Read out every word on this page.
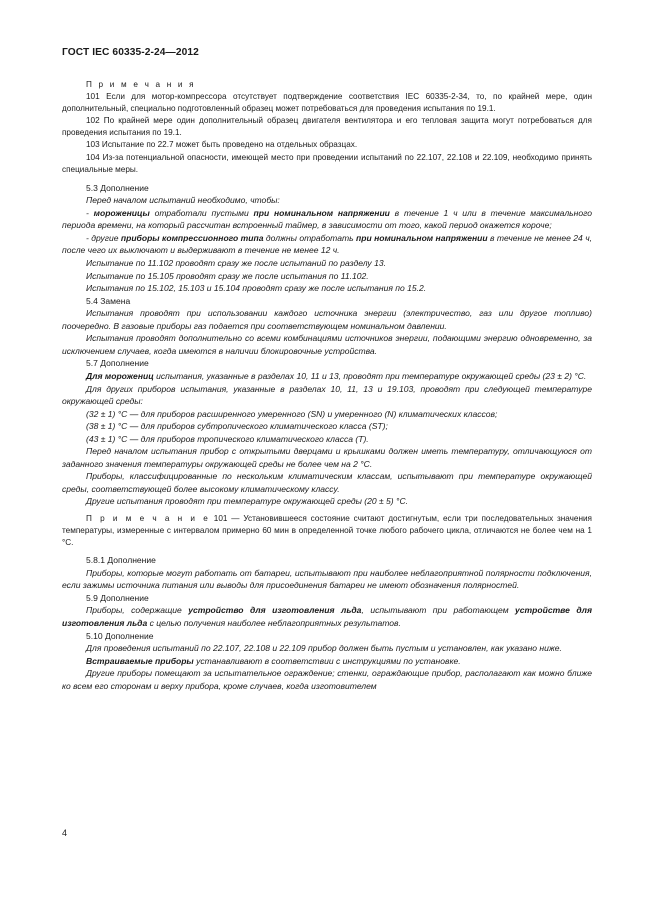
ГОСТ IEC 60335-2-24—2012

П р и м е ч а н и я

101 Если для мотор-компрессора отсутствует подтверждение соответствия IEC 60335-2-34, то, по крайней мере, один дополнительный, специально подготовленный образец может потребоваться для проведения испытания по 19.1.

102 По крайней мере один дополнительный образец двигателя вентилятора и его тепловая защита могут потребоваться для проведения испытания по 19.1.

103 Испытание по 22.7 может быть проведено на отдельных образцах.

104 Из-за потенциальной опасности, имеющей место при проведении испытаний по 22.107, 22.108 и 22.109, необходимо принять специальные меры.

5.3 Дополнение

Перед началом испытаний необходимо, чтобы:

- мороженицы отработали пустыми при номинальном напряжении в течение 1 ч или в течение максимального периода времени, на который рассчитан встроенный таймер, в зависимости от того, какой период окажется короче;

- другие приборы компрессионного типа должны отработать при номинальном напряжении в течение не менее 24 ч, после чего их выключают и выдерживают в течение не менее 12 ч.

Испытание по 11.102 проводят сразу же после испытаний по разделу 13.

Испытание по 15.105 проводят сразу же после испытания по 11.102.

Испытания по 15.102, 15.103 и 15.104 проводят сразу же после испытания по 15.2.

5.4 Замена

Испытания проводят при использовании каждого источника энергии (электричество, газ или другое топливо) поочередно. В газовые приборы газ подается при соответствующем номинальном давлении.

Испытания проводят дополнительно со всеми комбинациями источников энергии, подающими энергию одновременно, за исключением случаев, когда имеются в наличии блокировочные устройства.

5.7 Дополнение

Для морожениц испытания, указанные в разделах 10, 11 и 13, проводят при температуре окружающей среды (23 ± 2) °С.

Для других приборов испытания, указанные в разделах 10, 11, 13 и 19.103, проводят при следующей температуре окружающей среды:

(32 ± 1) °С — для приборов расширенного умеренного (SN) и умеренного (N) климатических классов;

(38 ± 1) °С — для приборов субтропического климатического класса (ST);

(43 ± 1) °С — для приборов тропического климатического класса (Т).

Перед началом испытания прибор с открытыми дверцами и крышками должен иметь температуру, отличающуюся от заданного значения температуры окружающей среды не более чем на 2 °С.

Приборы, классифицированные по нескольким климатическим классам, испытывают при температуре окружающей среды, соответствующей более высокому климатическому классу.

Другие испытания проводят при температуре окружающей среды (20 ± 5) °С.

П р и м е ч а н и е 101 — Установившееся состояние считают достигнутым, если три последовательных значения температуры, измеренные с интервалом примерно 60 мин в определенной точке любого рабочего цикла, отличаются не более чем на 1 °С.

5.8.1 Дополнение

Приборы, которые могут работать от батареи, испытывают при наиболее неблагоприятной полярности подключения, если зажимы источника питания или выводы для присоединения батареи не имеют обозначения полярностей.

5.9 Дополнение

Приборы, содержащие устройство для изготовления льда, испытывают при работающем устройстве для изготовления льда с целью получения наиболее неблагоприятных результатов.

5.10 Дополнение

Для проведения испытаний по 22.107, 22.108 и 22.109 прибор должен быть пустым и установлен, как указано ниже.

Встраиваемые приборы устанавливают в соответствии с инструкциями по установке.

Другие приборы помещают за испытательное ограждение; стенки, ограждающие прибор, располагают как можно ближе ко всем его сторонам и верху прибора, кроме случаев, когда изготовителем

4
